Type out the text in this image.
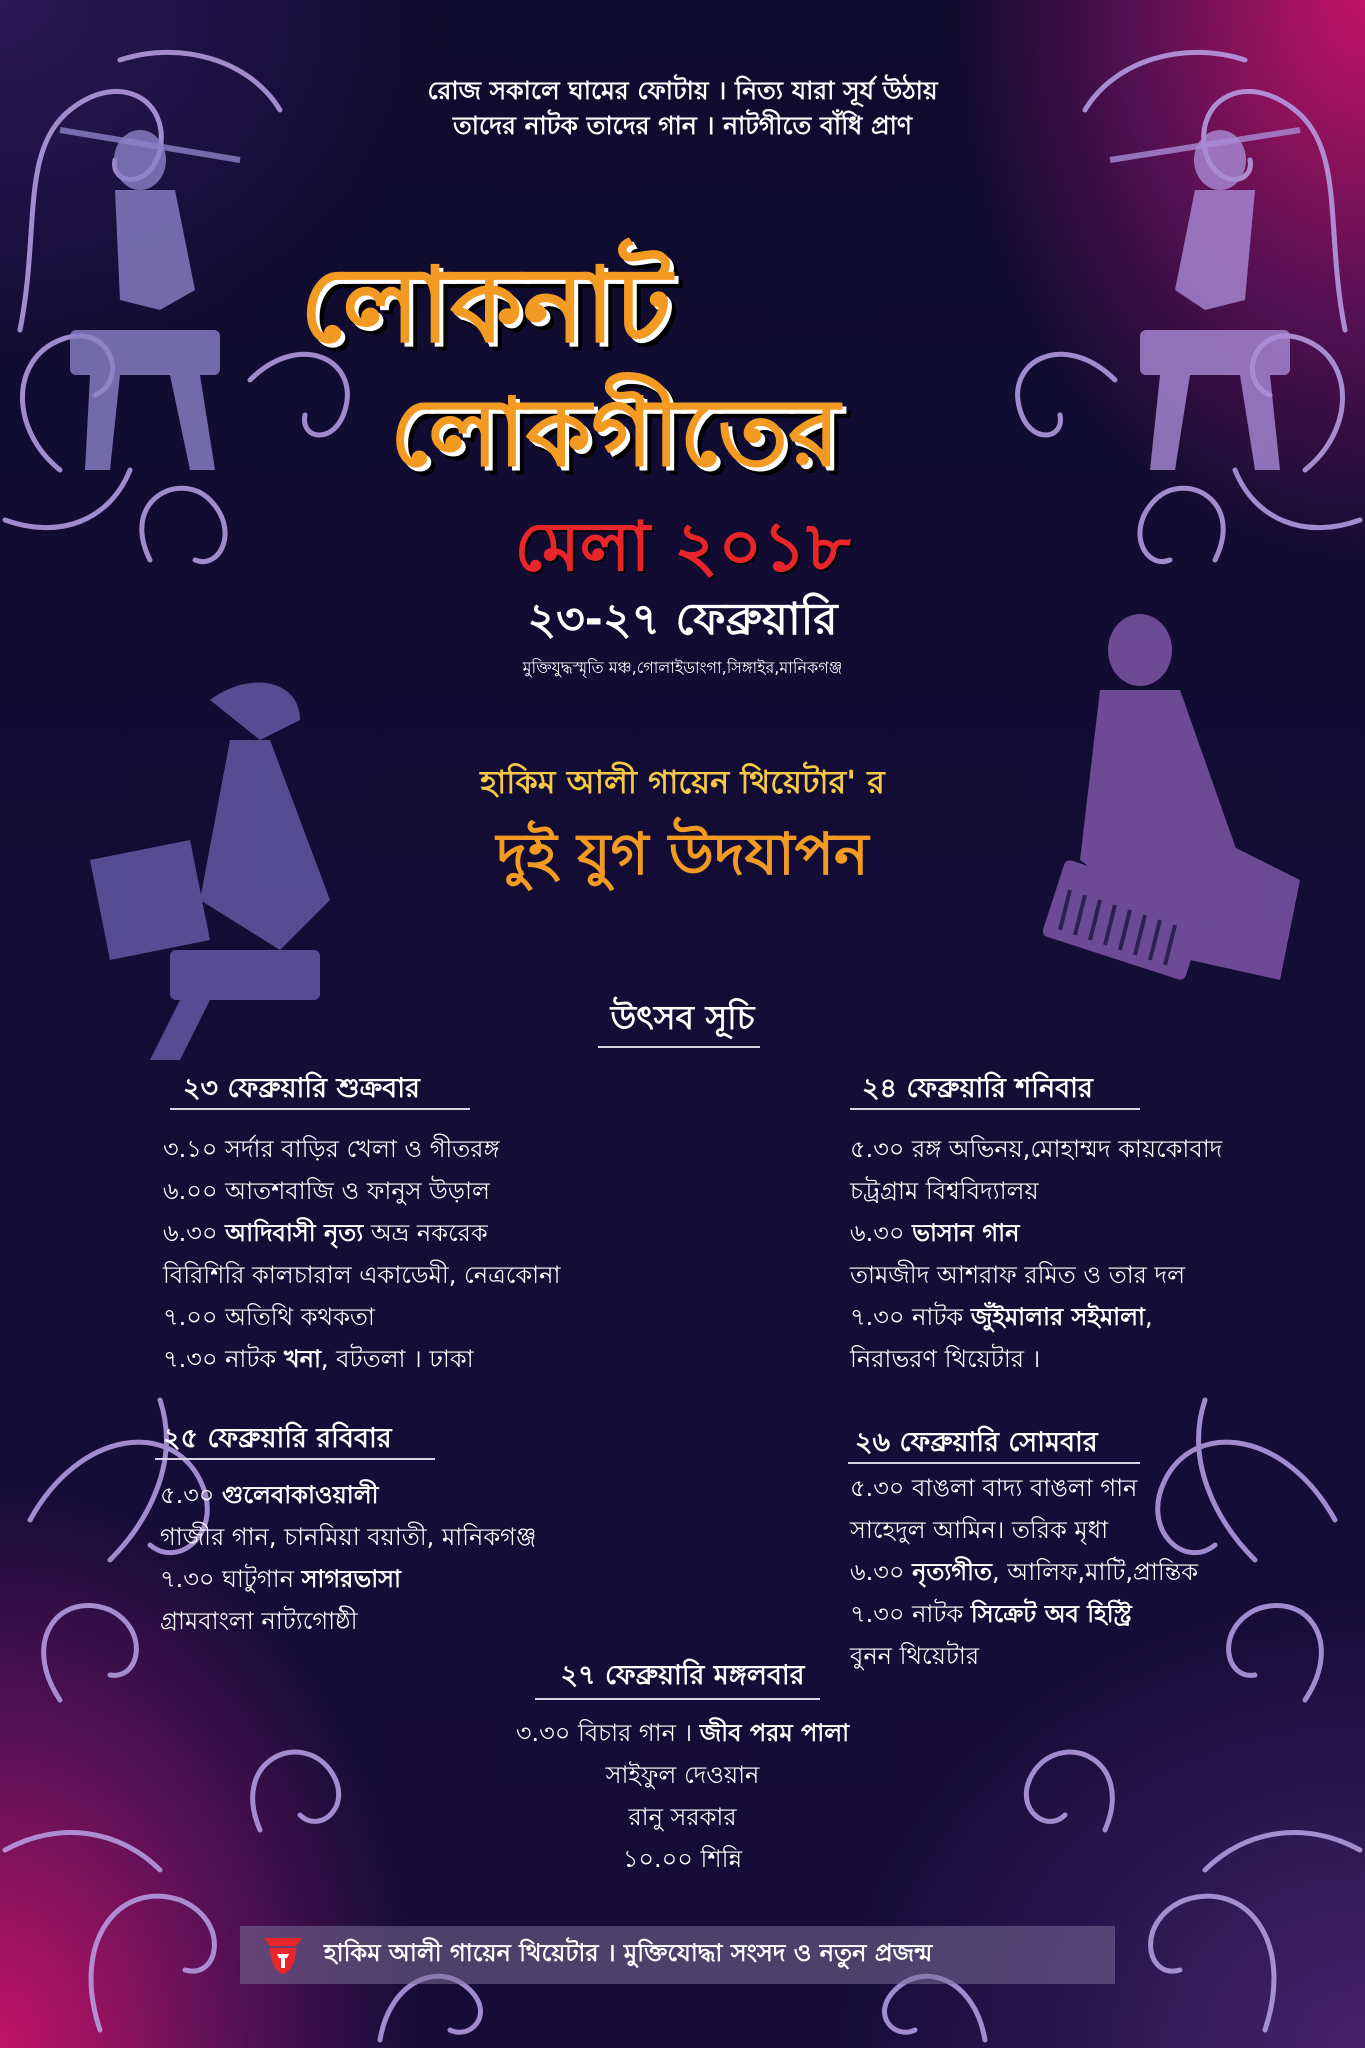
রোজ সকালে ঘামের ফোটায় । নিত্য যারা সূর্য উঠায়
তাদের নাটক তাদের গান । নাটগীতে বাঁধি প্রাণ
লোকনাট
লোকগীতের
মেলা ২০১৮
২৩-২৭ ফেব্রুয়ারি
মুক্তিযুদ্ধস্মৃতি মঞ্চ,গোলাইডাংগা,সিঙ্গাইর,মানিকগঞ্জ
হাকিম আলী গায়েন থিয়েটার' র
দুই যুগ উদযাপন
উৎসব সূচি
২৩ ফেব্রুয়ারি শুক্রবার
৩.১০ সর্দার বাড়ির খেলা ও গীতরঙ্গ
৬.০০ আতশবাজি ও ফানুস উড়াল
৬.৩০ আদিবাসী নৃত্য অভ্র নকরেক
বিরিশিরি কালচারাল একাডেমী, নেত্রকোনা
৭.০০ অতিথি কথকতা
৭.৩০ নাটক খনা, বটতলা । ঢাকা
২৪ ফেব্রুয়ারি শনিবার
৫.৩০ রঙ্গ অভিনয়,মোহাম্মদ কায়কোবাদ
চট্রগ্রাম বিশ্ববিদ্যালয়
৬.৩০ ভাসান গান
তামজীদ আশরাফ রমিত ও তার দল
৭.৩০ নাটক জুঁইমালার সইমালা,
নিরাভরণ থিয়েটার ।
২৫ ফেব্রুয়ারি রবিবার
৫.৩০ গুলেবাকাওয়ালী
গাজীর গান, চানমিয়া বয়াতী, মানিকগঞ্জ
৭.৩০ ঘাটুগান সাগরভাসা
গ্রামবাংলা নাট্যগোষ্ঠী
২৬ ফেব্রুয়ারি সোমবার
৫.৩০ বাঙলা বাদ্য বাঙলা গান
সাহেদুল আমিন। তরিক মৃধা
৬.৩০ নৃত্যগীত, আলিফ,মাটি,প্রান্তিক
৭.৩০ নাটক সিক্রেট অব হিস্ট্রি
বুনন থিয়েটার
২৭ ফেব্রুয়ারি মঙ্গলবার
৩.৩০ বিচার গান । জীব পরম পালা
সাইফুল দেওয়ান
রানু সরকার
১০.০০ শিন্নি
হাকিম আলী গায়েন থিয়েটার । মুক্তিযোদ্ধা সংসদ ও নতুন প্রজন্ম
